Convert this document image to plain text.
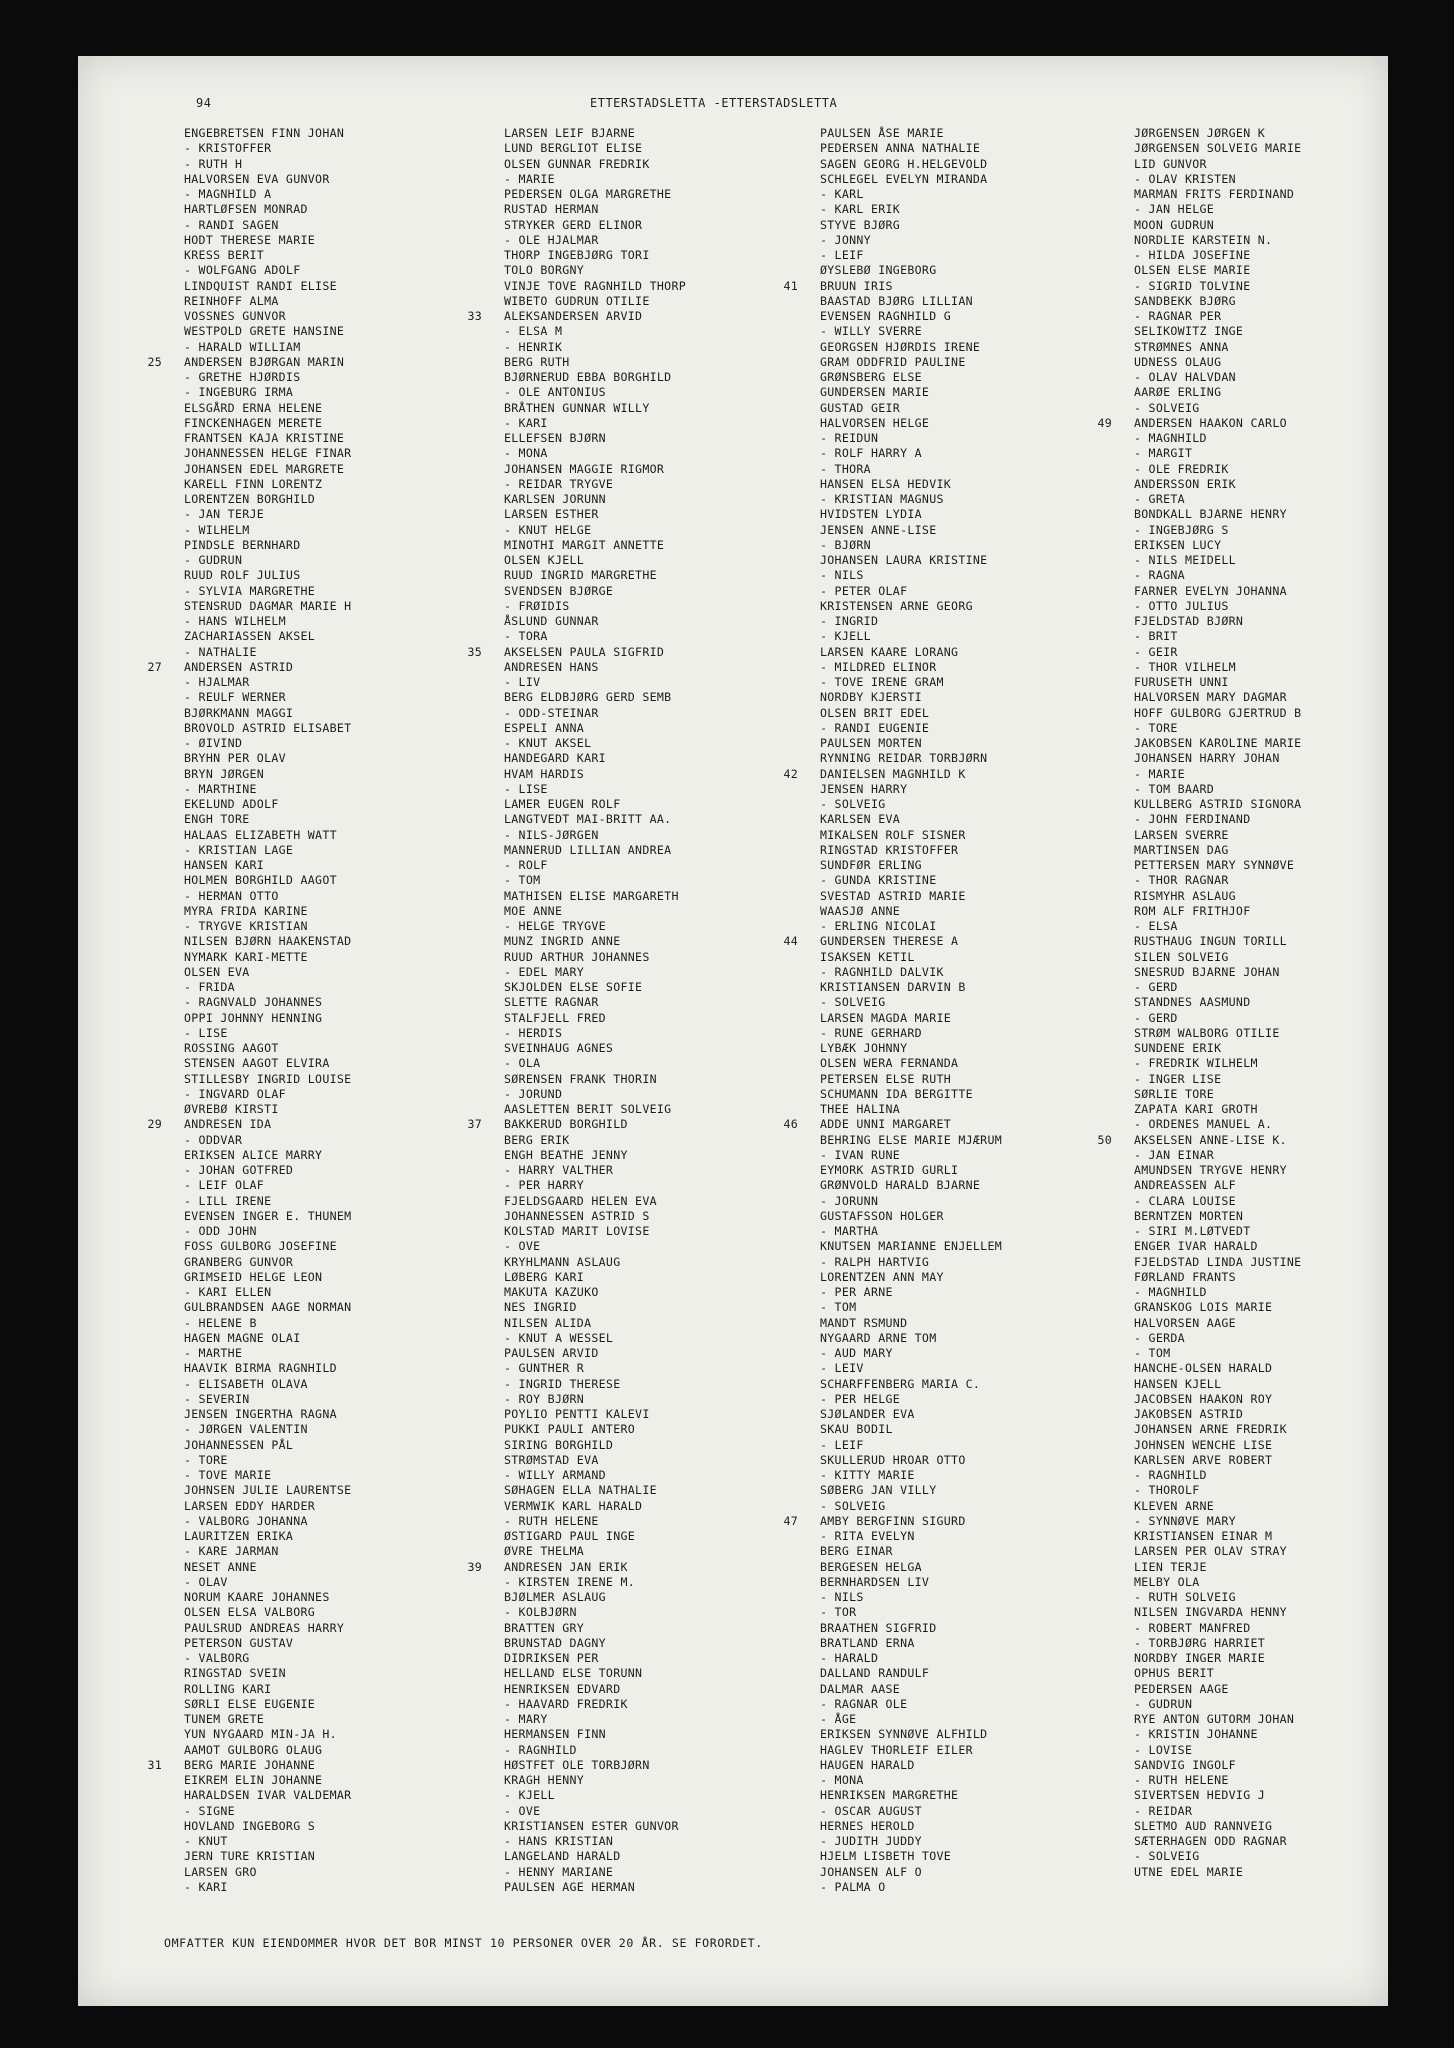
94	ETTERSTADSLETTA -ETTERSTADSLETTA
ENGEBRETSEN FINN JOHAN
- KRISTOFFER
- RUTH H
HALVORSEN EVA GUNVOR
- MAGNHILD A
HARTLØFSEN MONRAD
- RANDI SAGEN
HODT THERESE MARIE
KRESS BERIT
- WOLFGANG ADOLF
LINDQUIST RANDI ELISE
REINHOFF ALMA
VOSSNES GUNVOR
WESTPOLD GRETE HANSINE
- HARALD WILLIAM
25 ANDERSEN BJØRGAN MARIN
- GRETHE HJØRDIS
- INGEBURG IRMA
ELSGÅRD ERNA HELENE
FINCKENHAGEN MERETE
FRANTSEN KAJA KRISTINE
JOHANNESSEN HELGE FINAR
JOHANSEN EDEL MARGRETE
KARELL FINN LORENTZ
LORENTZEN BORGHILD
- JAN TERJE
- WILHELM
PINDSLE BERNHARD
- GUDRUN
RUUD ROLF JULIUS
- SYLVIA MARGRETHE
STENSRUD DAGMAR MARIE H
- HANS WILHELM
ZACHARIASSEN AKSEL
- NATHALIE
27 ANDERSEN ASTRID
- HJALMAR
- REULF WERNER
BJØRKMANN MAGGI
BROVOLD ASTRID ELISABET
- ØIVIND
BRYHN PER OLAV
BRYN JØRGEN
- MARTHINE
EKELUND ADOLF
ENGH TORE
HALAAS ELIZABETH WATT
- KRISTIAN LAGE
HANSEN KARI
HOLMEN BORGHILD AAGOT
- HERMAN OTTO
MYRA FRIDA KARINE
- TRYGVE KRISTIAN
NILSEN BJØRN HAAKENSTAD
NYMARK KARI-METTE
OLSEN EVA
- FRIDA
- RAGNVALD JOHANNES
OPPI JOHNNY HENNING
- LISE
ROSSING AAGOT
STENSEN AAGOT ELVIRA
STILLESBY INGRID LOUISE
- INGVARD OLAF
ØVREBØ KIRSTI
29 ANDRESEN IDA
- ODDVAR
ERIKSEN ALICE MARRY
- JOHAN GOTFRED
- LEIF OLAF
- LILL IRENE
EVENSEN INGER E. THUNEM
- ODD JOHN
FOSS GULBORG JOSEFINE
GRANBERG GUNVOR
GRIMSEID HELGE LEON
- KARI ELLEN
GULBRANDSEN AAGE NORMAN
- HELENE B
HAGEN MAGNE OLAI
- MARTHE
HAAVIK BIRMA RAGNHILD
- ELISABETH OLAVA
- SEVERIN
JENSEN INGERTHA RAGNA
- JØRGEN VALENTIN
JOHANNESSEN PÅL
- TORE
- TOVE MARIE
JOHNSEN JULIE LAURENTSE
LARSEN EDDY HARDER
- VALBORG JOHANNA
LAURITZEN ERIKA
- KARE JARMAN
NESET ANNE
- OLAV
NORUM KAARE JOHANNES
OLSEN ELSA VALBORG
PAULSRUD ANDREAS HARRY
PETERSON GUSTAV
- VALBORG
RINGSTAD SVEIN
ROLLING KARI
SØRLI ELSE EUGENIE
TUNEM GRETE
YUN NYGAARD MIN-JA H.
AAMOT GULBORG OLAUG
31 BERG MARIE JOHANNE
EIKREM ELIN JOHANNE
HARALDSEN IVAR VALDEMAR
- SIGNE
HOVLAND INGEBORG S
- KNUT
JERN TURE KRISTIAN
LARSEN GRO
- KARI
LARSEN LEIF BJARNE
LUND BERGLIOT ELISE
OLSEN GUNNAR FREDRIK
- MARIE
PEDERSEN OLGA MARGRETHE
RUSTAD HERMAN
STRYKER GERD ELINOR
- OLE HJALMAR
THORP INGEBJØRG TORI
TOLO BORGNY
VINJE TOVE RAGNHILD THORP
WIBETO GUDRUN OTILIE
33 ALEKSANDERSEN ARVID
- ELSA M
- HENRIK
BERG RUTH
BJØRNERUD EBBA BORGHILD
- OLE ANTONIUS
BRÅTHEN GUNNAR WILLY
- KARI
ELLEFSEN BJØRN
- MONA
JOHANSEN MAGGIE RIGMOR
- REIDAR TRYGVE
KARLSEN JORUNN
LARSEN ESTHER
- KNUT HELGE
MINOTHI MARGIT ANNETTE
OLSEN KJELL
RUUD INGRID MARGRETHE
SVENDSEN BJØRGE
- FRØIDIS
ÅSLUND GUNNAR
- TORA
35 AKSELSEN PAULA SIGFRID
ANDRESEN HANS
- LIV
BERG ELDBJØRG GERD SEMB
- ODD-STEINAR
ESPELI ANNA
- KNUT AKSEL
HANDEGARD KARI
HVAM HARDIS
- LISE
LAMER EUGEN ROLF
LANGTVEDT MAI-BRITT AA.
- NILS-JØRGEN
MANNERUD LILLIAN ANDREA
- ROLF
- TOM
MATHISEN ELISE MARGARETH
MOE ANNE
- HELGE TRYGVE
MUNZ INGRID ANNE
RUUD ARTHUR JOHANNES
- EDEL MARY
SKJOLDEN ELSE SOFIE
SLETTE RAGNAR
STALFJELL FRED
- HERDIS
SVEINHAUG AGNES
- OLA
SØRENSEN FRANK THORIN
- JORUND
AASLETTEN BERIT SOLVEIG
37 BAKKERUD BORGHILD
BERG ERIK
ENGH BEATHE JENNY
- HARRY VALTHER
- PER HARRY
FJELDSGAARD HELEN EVA
JOHANNESSEN ASTRID S
KOLSTAD MARIT LOVISE
- OVE
KRYHLMANN ASLAUG
LØBERG KARI
MAKUTA KAZUKO
NES INGRID
NILSEN ALIDA
- KNUT A WESSEL
PAULSEN ARVID
- GUNTHER R
- INGRID THERESE
- ROY BJØRN
POYLIO PENTTI KALEVI
PUKKI PAULI ANTERO
SIRING BORGHILD
STRØMSTAD EVA
- WILLY ARMAND
SØHAGEN ELLA NATHALIE
VERMWIK KARL HARALD
- RUTH HELENE
ØSTIGARD PAUL INGE
ØVRE THELMA
39 ANDRESEN JAN ERIK
- KIRSTEN IRENE M.
BJØLMER ASLAUG
- KOLBJØRN
BRATTEN GRY
BRUNSTAD DAGNY
DIDRIKSEN PER
HELLAND ELSE TORUNN
HENRIKSEN EDVARD
- HAAVARD FREDRIK
- MARY
HERMANSEN FINN
- RAGNHILD
HØSTFET OLE TORBJØRN
KRAGH HENNY
- KJELL
- OVE
KRISTIANSEN ESTER GUNVOR
- HANS KRISTIAN
LANGELAND HARALD
- HENNY MARIANE
PAULSEN AGE HERMAN
PAULSEN ÅSE MARIE
PEDERSEN ANNA NATHALIE
SAGEN GEORG H.HELGEVOLD
SCHLEGEL EVELYN MIRANDA
- KARL
- KARL ERIK
STYVE BJØRG
- JONNY
- LEIF
ØYSLEBØ INGEBORG
41 BRUUN IRIS
BAASTAD BJØRG LILLIAN
EVENSEN RAGNHILD G
- WILLY SVERRE
GEORGSEN HJØRDIS IRENE
GRAM ODDFRID PAULINE
GRØNSBERG ELSE
GUNDERSEN MARIE
GUSTAD GEIR
HALVORSEN HELGE
- REIDUN
- ROLF HARRY A
- THORA
HANSEN ELSA HEDVIK
- KRISTIAN MAGNUS
HVIDSTEN LYDIA
JENSEN ANNE-LISE
- BJØRN
JOHANSEN LAURA KRISTINE
- NILS
- PETER OLAF
KRISTENSEN ARNE GEORG
- INGRID
- KJELL
LARSEN KAARE LORANG
- MILDRED ELINOR
- TOVE IRENE GRAM
NORDBY KJERSTI
OLSEN BRIT EDEL
- RANDI EUGENIE
PAULSEN MORTEN
RYNNING REIDAR TORBJØRN
42 DANIELSEN MAGNHILD K
JENSEN HARRY
- SOLVEIG
KARLSEN EVA
MIKALSEN ROLF SISNER
RINGSTAD KRISTOFFER
SUNDFØR ERLING
- GUNDA KRISTINE
SVESTAD ASTRID MARIE
WAASJØ ANNE
- ERLING NICOLAI
44 GUNDERSEN THERESE A
ISAKSEN KETIL
- RAGNHILD DALVIK
KRISTIANSEN DARVIN B
- SOLVEIG
LARSEN MAGDA MARIE
- RUNE GERHARD
LYBÆK JOHNNY
OLSEN WERA FERNANDA
PETERSEN ELSE RUTH
SCHUMANN IDA BERGITTE
THEE HALINA
46 ADDE UNNI MARGARET
BEHRING ELSE MARIE MJÆRUM
- IVAN RUNE
EYMORK ASTRID GURLI
GRØNVOLD HARALD BJARNE
- JORUNN
GUSTAFSSON HOLGER
- MARTHA
KNUTSEN MARIANNE ENJELLEM
- RALPH HARTVIG
LORENTZEN ANN MAY
- PER ARNE
- TOM
MANDT RSMUND
NYGAARD ARNE TOM
- AUD MARY
- LEIV
SCHARFFENBERG MARIA C.
- PER HELGE
SJØLANDER EVA
SKAU BODIL
- LEIF
SKULLERUD HROAR OTTO
- KITTY MARIE
SØBERG JAN VILLY
- SOLVEIG
47 AMBY BERGFINN SIGURD
- RITA EVELYN
BERG EINAR
BERGESEN HELGA
BERNHARDSEN LIV
- NILS
- TOR
BRAATHEN SIGFRID
BRATLAND ERNA
- HARALD
DALLAND RANDULF
DALMAR AASE
- RAGNAR OLE
- ÅGE
ERIKSEN SYNNØVE ALFHILD
HAGLEV THORLEIF EILER
HAUGEN HARALD
- MONA
HENRIKSEN MARGRETHE
- OSCAR AUGUST
HERNES HEROLD
- JUDITH JUDDY
HJELM LISBETH TOVE
JOHANSEN ALF O
- PALMA O
JØRGENSEN JØRGEN K
JØRGENSEN SOLVEIG MARIE
LID GUNVOR
- OLAV KRISTEN
MARMAN FRITS FERDINAND
- JAN HELGE
MOON GUDRUN
NORDLIE KARSTEIN N.
- HILDA JOSEFINE
OLSEN ELSE MARIE
- SIGRID TOLVINE
SANDBEKK BJØRG
- RAGNAR PER
SELIKOWITZ INGE
STRØMNES ANNA
UDNESS OLAUG
- OLAV HALVDAN
AARØE ERLING
- SOLVEIG
49 ANDERSEN HAAKON CARLO
- MAGNHILD
- MARGIT
- OLE FREDRIK
ANDERSSON ERIK
- GRETA
BONDKALL BJARNE HENRY
- INGEBJØRG S
ERIKSEN LUCY
- NILS MEIDELL
- RAGNA
FARNER EVELYN JOHANNA
- OTTO JULIUS
FJELDSTAD BJØRN
- BRIT
- GEIR
- THOR VILHELM
FURUSETH UNNI
HALVORSEN MARY DAGMAR
HOFF GULBORG GJERTRUD B
- TORE
JAKOBSEN KAROLINE MARIE
JOHANSEN HARRY JOHAN
- MARIE
- TOM BAARD
KULLBERG ASTRID SIGNORA
- JOHN FERDINAND
LARSEN SVERRE
MARTINSEN DAG
PETTERSEN MARY SYNNØVE
- THOR RAGNAR
RISMYHR ASLAUG
ROM ALF FRITHJOF
- ELSA
RUSTHAUG INGUN TORILL
SILEN SOLVEIG
SNESRUD BJARNE JOHAN
- GERD
STANDNES AASMUND
- GERD
STRØM WALBORG OTILIE
SUNDENE ERIK
- FREDRIK WILHELM
- INGER LISE
SØRLIE TORE
ZAPATA KARI GROTH
- ORDENES MANUEL A.
50 AKSELSEN ANNE-LISE K.
- JAN EINAR
AMUNDSEN TRYGVE HENRY
ANDREASSEN ALF
- CLARA LOUISE
BERNTZEN MORTEN
- SIRI M.LØTVEDT
ENGER IVAR HARALD
FJELDSTAD LINDA JUSTINE
FØRLAND FRANTS
- MAGNHILD
GRANSKOG LOIS MARIE
HALVORSEN AAGE
- GERDA
- TOM
HANCHE-OLSEN HARALD
HANSEN KJELL
JACOBSEN HAAKON ROY
JAKOBSEN ASTRID
JOHANSEN ARNE FREDRIK
JOHNSEN WENCHE LISE
KARLSEN ARVE ROBERT
- RAGNHILD
- THOROLF
KLEVEN ARNE
- SYNNØVE MARY
KRISTIANSEN EINAR M
LARSEN PER OLAV STRAY
LIEN TERJE
MELBY OLA
- RUTH SOLVEIG
NILSEN INGVARDA HENNY
- ROBERT MANFRED
- TORBJØRG HARRIET
NORDBY INGER MARIE
OPHUS BERIT
PEDERSEN AAGE
- GUDRUN
RYE ANTON GUTORM JOHAN
- KRISTIN JOHANNE
- LOVISE
SANDVIG INGOLF
- RUTH HELENE
SIVERTSEN HEDVIG J
- REIDAR
SLETMO AUD RANNVEIG
SÆTERHAGEN ODD RAGNAR
- SOLVEIG
UTNE EDEL MARIE
OMFATTER KUN EIENDOMMER HVOR DET BOR MINST 10 PERSONER OVER 20 ÅR. SE FORORDET.
